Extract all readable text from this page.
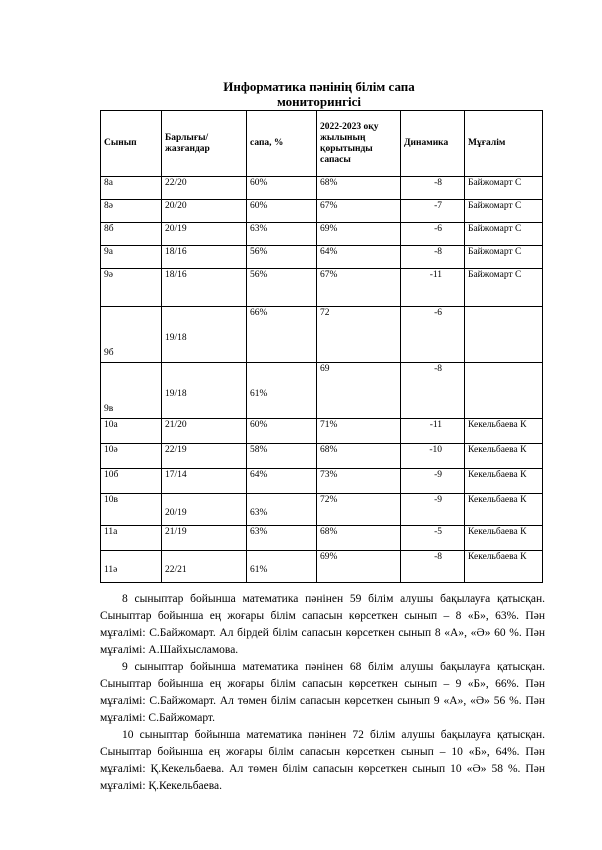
Информатика пәнінің білім сапа
мониторингісі
Сынып	Барлығы/ жазғандар	сапа, %	2022-2023 оқу жылының қорытынды сапасы	Динамика	Мұғалім
8а	22/20	60%	68%	-8	Байжомарт С
8ә	20/20	60%	67%	-7	Байжомарт С
8б	20/19	63%	69%	-6	Байжомарт С
9а	18/16	56%	64%	-8	Байжомарт С
9ә	18/16	56%	67%	-11	Байжомарт С
9б	19/18	66%	72	-6	
9в	19/18	61%	69	-8	
10а	21/20	60%	71%	-11	Кекельбаева К
10ә	22/19	58%	68%	-10	Кекельбаева К
10б	17/14	64%	73%	-9	Кекельбаева К
10в	20/19	63%	72%	-9	Кекельбаева К
11а	21/19	63%	68%	-5	Кекельбаева К
11ә	22/21	61%	69%	-8	Кекельбаева К

8 сыныптар бойынша математика пәнінен 59 білім алушы бақылауға қатысқан. Сыныптар бойынша ең жоғары білім сапасын көрсеткен сынып – 8 «Б», 63%. Пән мұғалімі: С.Байжомарт. Ал бірдей білім сапасын көрсеткен сынып 8 «А», «Ә» 60 %. Пән мұғалімі: А.Шайхысламова.

9 сыныптар бойынша математика пәнінен 68 білім алушы бақылауға қатысқан. Сыныптар бойынша ең жоғары білім сапасын көрсеткен сынып – 9 «Б», 66%. Пән мұғалімі: С.Байжомарт. Ал төмен білім сапасын көрсеткен сынып 9 «А», «Ә» 56 %. Пән мұғалімі: С.Байжомарт.

10 сыныптар бойынша математика пәнінен 72 білім алушы бақылауға қатысқан. Сыныптар бойынша ең жоғары білім сапасын көрсеткен сынып – 10 «Б», 64%. Пән мұғалімі: Қ.Кекельбаева. Ал төмен білім сапасын көрсеткен сынып 10 «Ә» 58 %. Пән мұғалімі: Қ.Кекельбаева.
